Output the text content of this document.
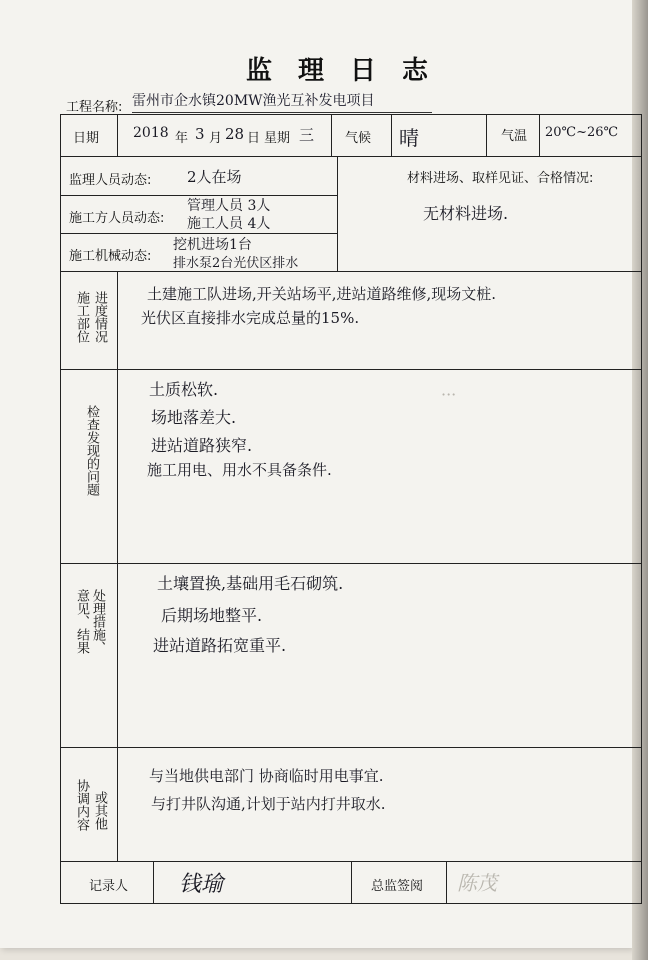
监理日志
工程名称: 雷州市企水镇20MW渔光互补发电项目
日期 2018 年 3 月 28 日 星期 三 气候 晴	气温 20℃~26℃
监理人员动态: 2人在场
施工方人员动态:
管理人员 3人
施工人员 4人
施工机械动态:
挖机进场1台
排水泵2台光伏区排水
材料进场、取样见证、合格情况:
无材料进场.
施工部位 进度情况	土建施工队进场,开关站场平,进站道路维修,现场文桩.
光伏区直接排水完成总量的15%.
检查发现的问题
土质松软.
场地落差大.
进站道路狭窄.
施工用电、用水不具备条件.
···
处理措施、
意见、结果
土壤置换,基础用毛石砌筑.
后期场地整平.
进站道路拓宽重平.
协调内容 或其他
与当地供电部门 协商临时用电事宜.
与打井队沟通,计划于站内打井取水.
记录人 钱瑜	总监签阅 陈茂
